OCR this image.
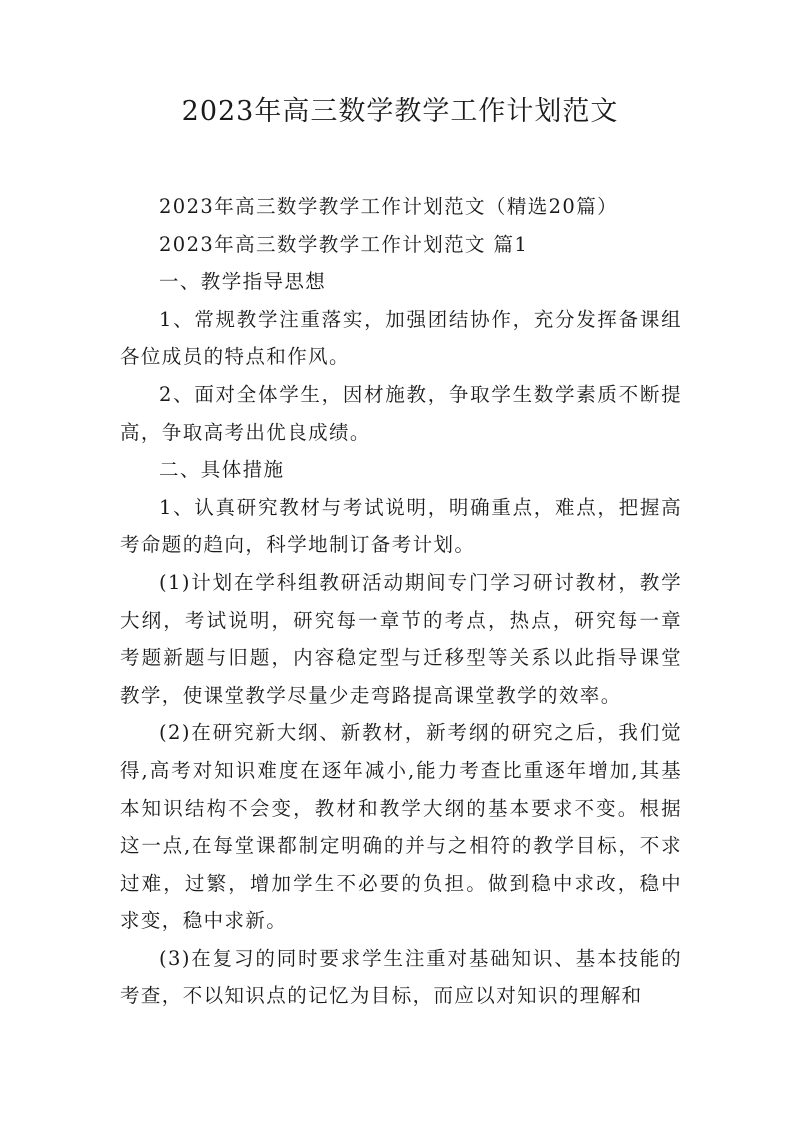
2023年高三数学教学工作计划范文

2023年高三数学教学工作计划范文（精选20篇）

2023年高三数学教学工作计划范文 篇1

一、教学指导思想

1、常规教学注重落实，加强团结协作，充分发挥备课组各位成员的特点和作风。

2、面对全体学生，因材施教，争取学生数学素质不断提高，争取高考出优良成绩。

二、具体措施

1、认真研究教材与考试说明，明确重点，难点，把握高考命题的趋向，科学地制订备考计划。

(1)计划在学科组教研活动期间专门学习研讨教材，教学大纲，考试说明，研究每一章节的考点，热点，研究每一章考题新题与旧题，内容稳定型与迁移型等关系以此指导课堂教学，使课堂教学尽量少走弯路提高课堂教学的效率。

(2)在研究新大纲、新教材，新考纲的研究之后，我们觉得,高考对知识难度在逐年减小,能力考查比重逐年增加,其基本知识结构不会变，教材和教学大纲的基本要求不变。根据这一点,在每堂课都制定明确的并与之相符的教学目标，不求过难，过繁，增加学生不必要的负担。做到稳中求改，稳中求变，稳中求新。

(3)在复习的同时要求学生注重对基础知识、基本技能的考查，不以知识点的记忆为目标，而应以对知识的理解和
